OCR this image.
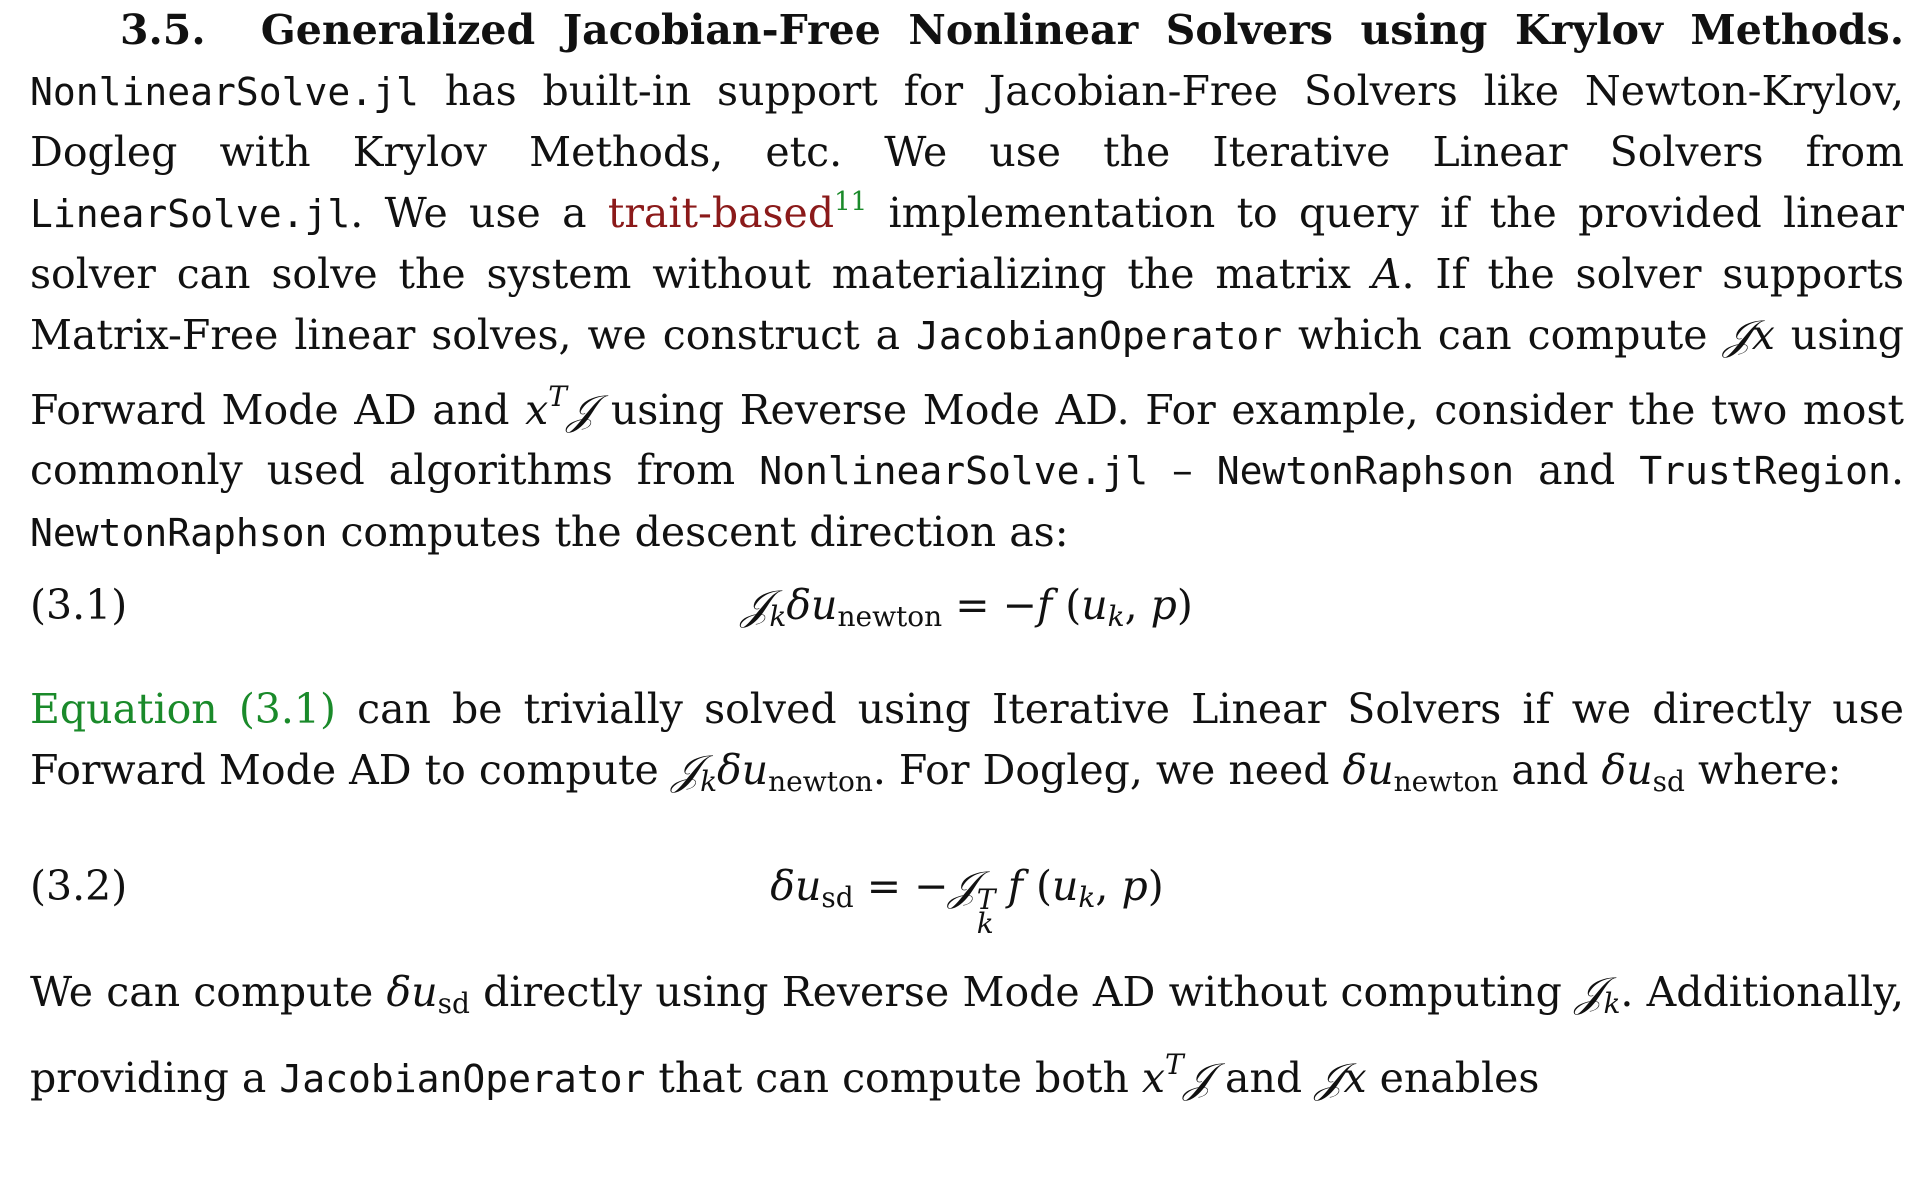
3.5. Generalized Jacobian-Free Nonlinear Solvers using Krylov Methods. NonlinearSolve.jl has built-in support for Jacobian-Free Solvers like Newton-Krylov, Dogleg with Krylov Methods, etc. We use the Iterative Linear Solvers from LinearSolve.jl. We use a trait-based$^{11}$ implementation to query if the provided linear solver can solve the system without materializing the matrix A. If the solver supports Matrix-Free linear solves, we construct a JacobianOperator which can compute 𝒥x using Forward Mode AD and $x^T𝒥$ using Reverse Mode AD. For example, consider the two most commonly used algorithms from NonlinearSolve.jl – NewtonRaphson and TrustRegion. NewtonRaphson computes the descent direction as:

(3.1)	𝒥kδu$_{newton}$ = −f (uk, p)

Equation (3.1) can be trivially solved using Iterative Linear Solvers if we directly use Forward Mode AD to compute 𝒥kδu$_{newton}$. For Dogleg, we need $\delta u_{newton}$ and $\delta u_{sd}$ where:

(3.2)	$\delta u_{sd}$ = −𝒥 T
k
f (uk, p)

We can compute $\delta u_{sd}$ directly using Reverse Mode AD without computing 𝒥k. Additionally, providing a JacobianOperator that can compute both $x^T𝒥$ and 𝒥x enables
